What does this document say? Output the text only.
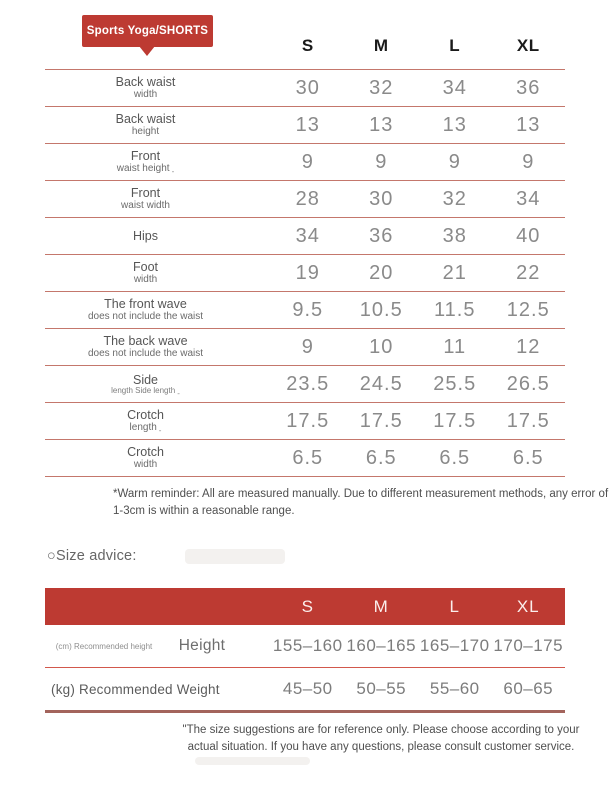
Sports Yoga/SHORTS
S	M	L	XL
Back waist
width	30	32	34	36
Back waist
height	13	13	13	13
Front
waist height -	9	9	9	9
Front
waist width	28	30	32	34
Hips	34	36	38	40
Foot
width	19	20	21	22
The front wave
does not include the waist	9.5	10.5	11.5	12.5
The back wave
does not include the waist	9	10	11	12
Side
length Side length -	23.5	24.5	25.5	26.5
Crotch
length -	17.5	17.5	17.5	17.5
Crotch
width	6.5	6.5	6.5	6.5
*Warm reminder: All are measured manually. Due to different measurement methods, any error of
1-3cm is within a reasonable range.
○Size advice:
S	M	L	XL
(cm) Recommended height	Height	155–160 160–165 165–170 170–175
(kg) Recommended Weight	45–50	50–55	55–60	60–65
"The size suggestions are for reference only. Please choose according to your
actual situation. If you have any questions, please consult customer service.
